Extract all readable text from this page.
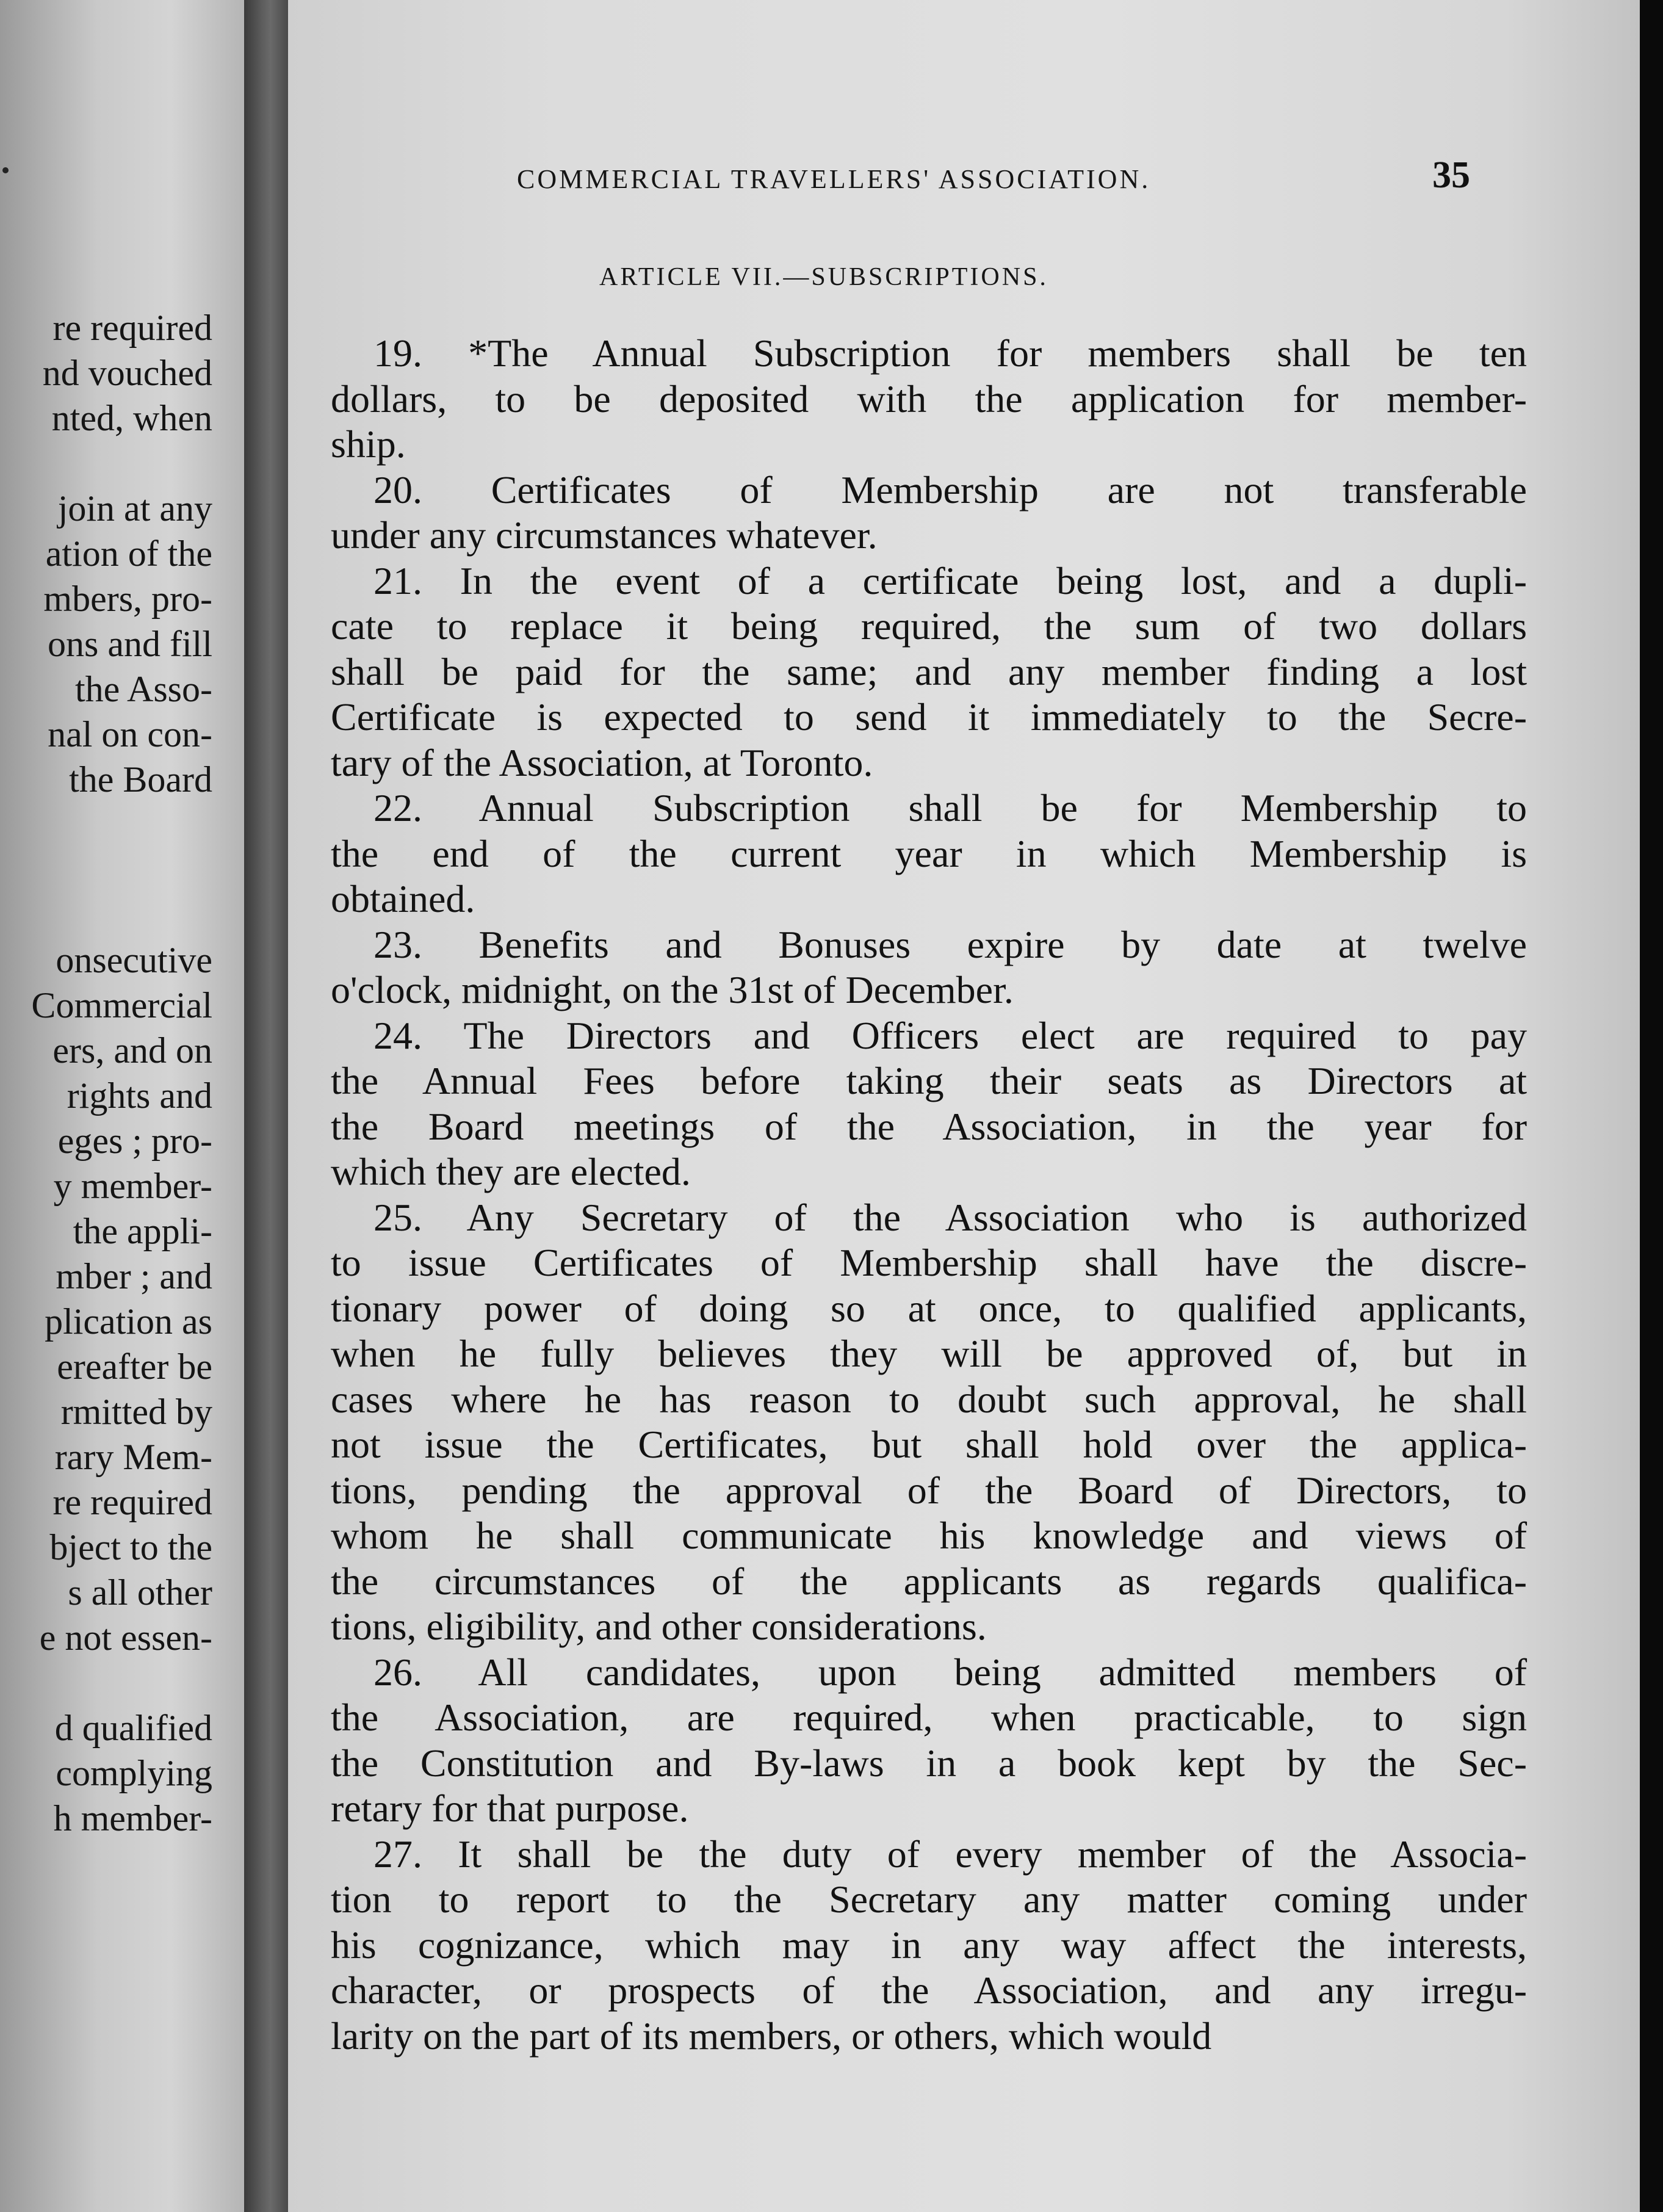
re required
nd vouched
nted, when
join at any
ation of the
mbers, pro-
ons and fill
the Asso-
nal on con-
the Board
onsecutive
Commercial
ers, and on
rights and
eges ; pro-
y member-
the appli-
mber ; and
plication as
ereafter be
rmitted by
rary Mem-
re required
bject to the
s all other
e not essen-
d qualified
complying
h member-
COMMERCIAL TRAVELLERS' ASSOCIATION.	35
ARTICLE VII.—SUBSCRIPTIONS.
19. *The Annual Subscription for members shall be ten
dollars, to be deposited with the application for member-
ship.
20. Certificates of Membership are not transferable
under any circumstances whatever.
21. In the event of a certificate being lost, and a dupli-
cate to replace it being required, the sum of two dollars
shall be paid for the same; and any member finding a lost
Certificate is expected to send it immediately to the Secre-
tary of the Association, at Toronto.
22. Annual Subscription shall be for Membership to
the end of the current year in which Membership is
obtained.
23. Benefits and Bonuses expire by date at twelve
o'clock, midnight, on the 31st of December.
24. The Directors and Officers elect are required to pay
the Annual Fees before taking their seats as Directors at
the Board meetings of the Association, in the year for
which they are elected.
25. Any Secretary of the Association who is authorized
to issue Certificates of Membership shall have the discre-
tionary power of doing so at once, to qualified applicants,
when he fully believes they will be approved of, but in
cases where he has reason to doubt such approval, he shall
not issue the Certificates, but shall hold over the applica-
tions, pending the approval of the Board of Directors, to
whom he shall communicate his knowledge and views of
the circumstances of the applicants as regards qualifica-
tions, eligibility, and other considerations.
26. All candidates, upon being admitted members of
the Association, are required, when practicable, to sign
the Constitution and By-laws in a book kept by the Sec-
retary for that purpose.
27. It shall be the duty of every member of the Associa-
tion to report to the Secretary any matter coming under
his cognizance, which may in any way affect the interests,
character, or prospects of the Association, and any irregu-
larity on the part of its members, or others, which would
